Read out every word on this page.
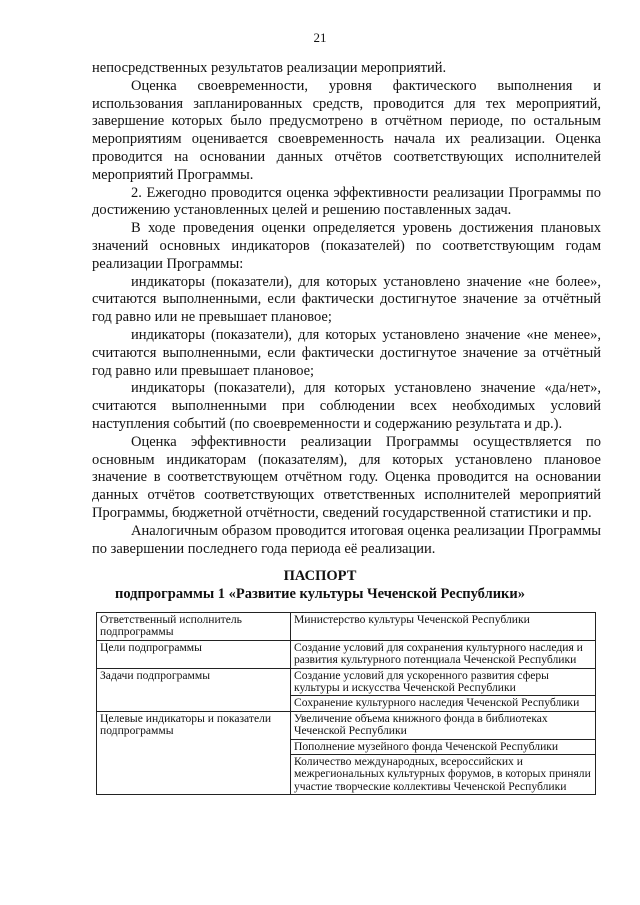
21

непосредственных результатов реализации мероприятий.

Оценка своевременности, уровня фактического выполнения и использования запланированных средств, проводится для тех мероприятий, завершение которых было предусмотрено в отчётном периоде, по остальным мероприятиям оценивается своевременность начала их реализации. Оценка проводится на основании данных отчётов соответствующих исполнителей мероприятий Программы.

2. Ежегодно проводится оценка эффективности реализации Программы по достижению установленных целей и решению поставленных задач.

В ходе проведения оценки определяется уровень достижения плановых значений основных индикаторов (показателей) по соответствующим годам реализации Программы:

индикаторы (показатели), для которых установлено значение «не более», считаются выполненными, если фактически достигнутое значение за отчётный год равно или не превышает плановое;

индикаторы (показатели), для которых установлено значение «не менее», считаются выполненными, если фактически достигнутое значение за отчётный год равно или превышает плановое;

индикаторы (показатели), для которых установлено значение «да/нет», считаются выполненными при соблюдении всех необходимых условий наступления событий (по своевременности и содержанию результата и др.).

Оценка эффективности реализации Программы осуществляется по основным индикаторам (показателям), для которых установлено плановое значение в соответствующем отчётном году. Оценка проводится на основании данных отчётов соответствующих ответственных исполнителей мероприятий Программы, бюджетной отчётности, сведений государственной статистики и пр.

Аналогичным образом проводится итоговая оценка реализации Программы по завершении последнего года периода её реализации.

ПАСПОРТ
подпрограммы 1 «Развитие культуры Чеченской Республики»
Ответственный исполнитель подпрограммы	Министерство культуры Чеченской Республики
Цели подпрограммы	Создание условий для сохранения культурного наследия и развития культурного потенциала Чеченской Республики
Задачи подпрограммы	Создание условий для ускоренного развития сферы культуры и искусства Чеченской Республики
	Сохранение культурного наследия Чеченской Республики
Целевые индикаторы и показатели подпрограммы	Увеличение объема книжного фонда в библиотеках Чеченской Республики
	Пополнение музейного фонда Чеченской Республики
	Количество международных, всероссийских и межрегиональных культурных форумов, в которых приняли участие творческие коллективы Чеченской Республики
